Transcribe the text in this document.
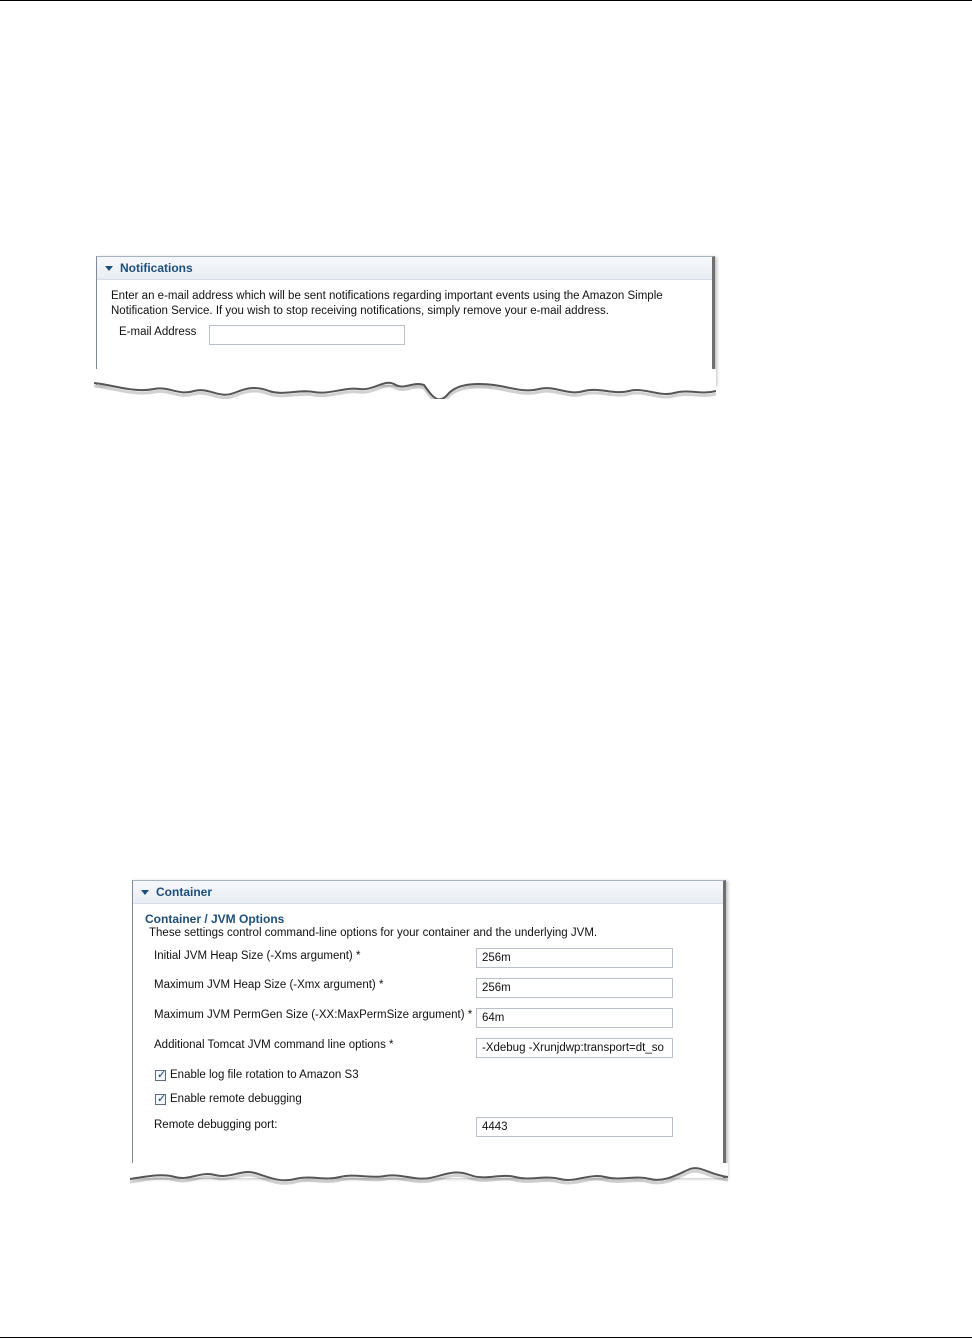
Notifications

Enter an e-mail address which will be sent notifications regarding important events using the Amazon Simple Notification Service. If you wish to stop receiving notifications, simply remove your e-mail address.

E-mail Address
Container
Container / JVM Options
These settings control command-line options for your container and the underlying JVM.
Initial JVM Heap Size (-Xms argument) *
256m
Maximum JVM Heap Size (-Xmx argument) *
256m
Maximum JVM PermGen Size (-XX:MaxPermSize argument) *
64m
Additional Tomcat JVM command line options *
-Xdebug -Xrunjdwp:transport=dt_so
✓ Enable log file rotation to Amazon S3
✓ Enable remote debugging
Remote debugging port:
4443
